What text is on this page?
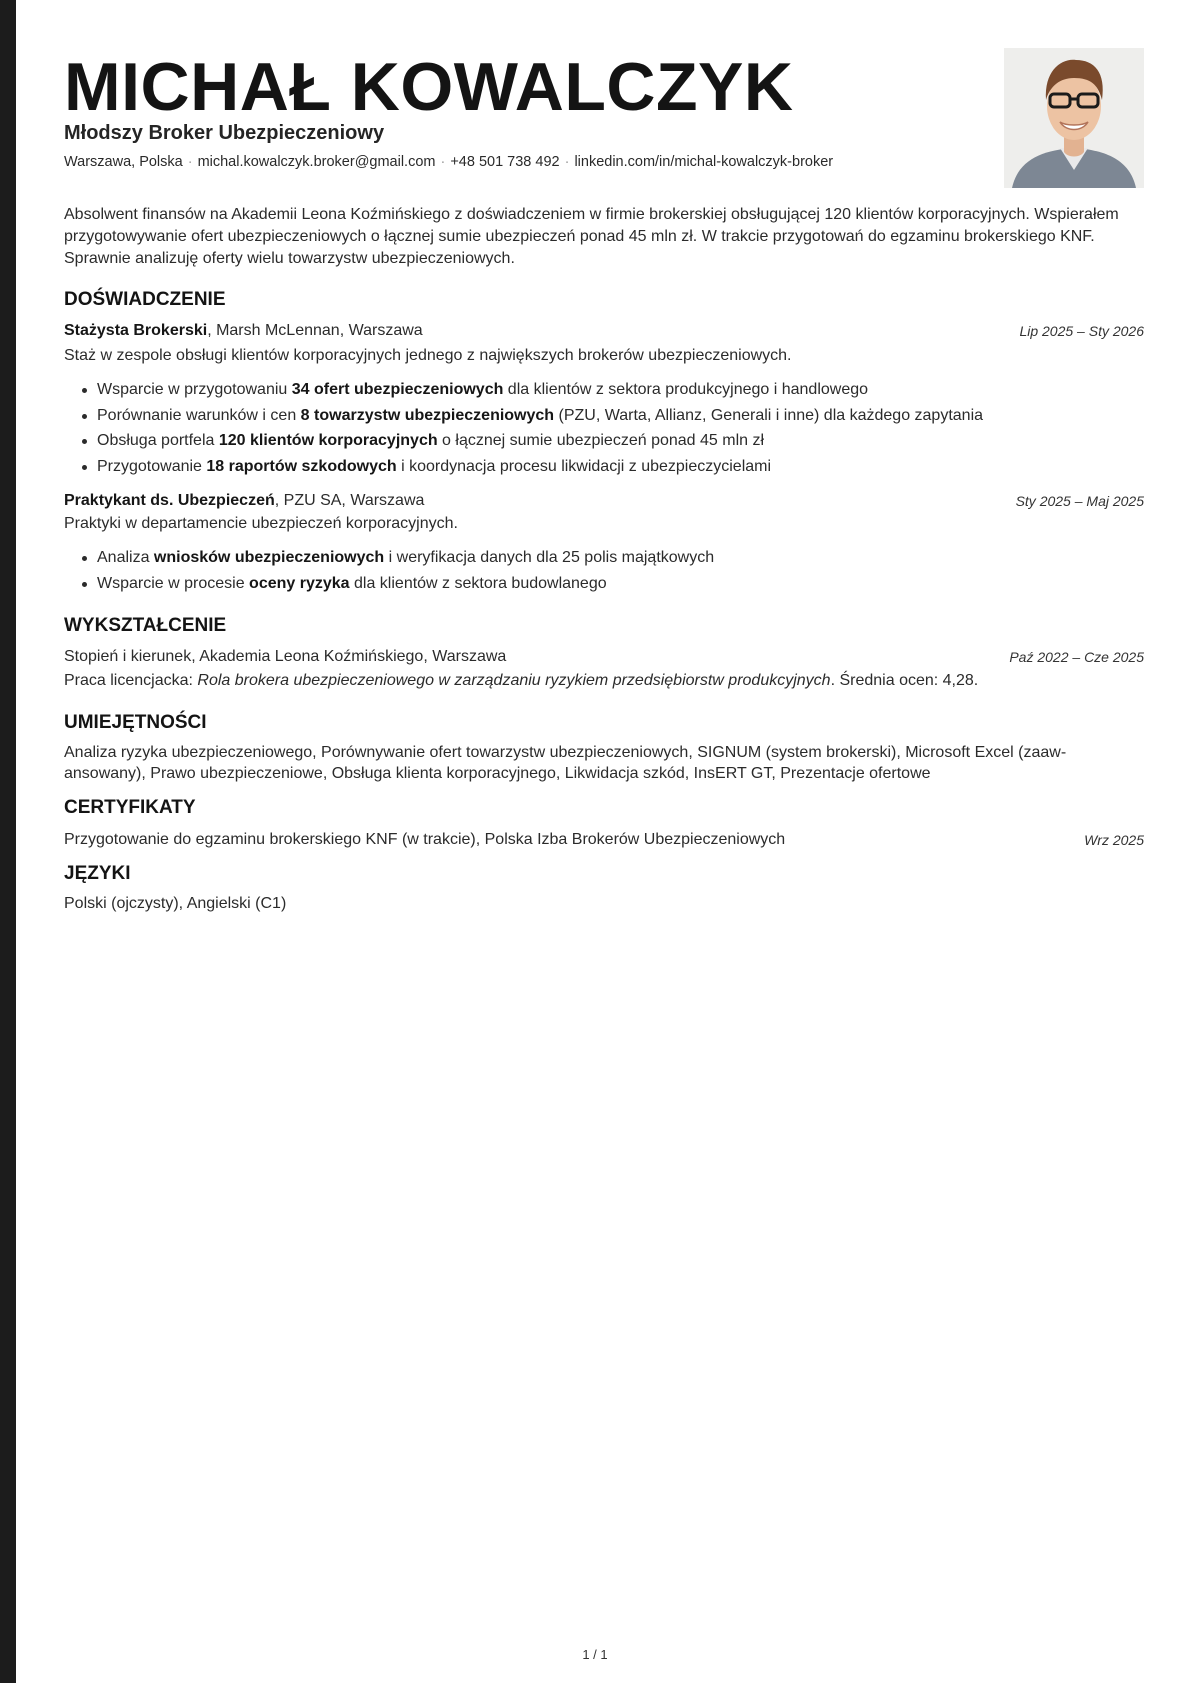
MICHAŁ KOWALCZYK
Młodszy Broker Ubezpieczeniowy
Warszawa, Polska · michal.kowalczyk.broker@gmail.com · +48 501 738 492 · linkedin.com/in/michal-kowalczyk-broker

Absolwent finansów na Akademii Leona Koźmińskiego z doświadczeniem w firmie brokerskiej obsługującej 120 klientów korporacyjnych. Wspierałem przygotowywanie ofert ubezpieczeniowych o łącznej sumie ubezpieczeń ponad 45 mln zł. W trakcie przygotowań do egzaminu brokerskiego KNF. Sprawnie analizuję oferty wielu towarzystw ubezpieczeniowych.

DOŚWIADCZENIE
Stażysta Brokerski, Marsh McLennan, Warszawa	Lip 2025 – Sty 2026
Staż w zespole obsługi klientów korporacyjnych jednego z największych brokerów ubezpieczeniowych.
Wsparcie w przygotowaniu 34 ofert ubezpieczeniowych dla klientów z sektora produkcyjnego i handlowego
Porównanie warunków i cen 8 towarzystw ubezpieczeniowych (PZU, Warta, Allianz, Generali i inne) dla każdego zapytania
Obsługa portfela 120 klientów korporacyjnych o łącznej sumie ubezpieczeń ponad 45 mln zł
Przygotowanie 18 raportów szkodowych i koordynacja procesu likwidacji z ubezpieczycielami
Praktykant ds. Ubezpieczeń, PZU SA, Warszawa	Sty 2025 – Maj 2025
Praktyki w departamencie ubezpieczeń korporacyjnych.
Analiza wniosków ubezpieczeniowych i weryfikacja danych dla 25 polis majątkowych
Wsparcie w procesie oceny ryzyka dla klientów z sektora budowlanego
WYKSZTAŁCENIE
Stopień i kierunek, Akademia Leona Koźmińskiego, Warszawa	Paź 2022 – Cze 2025
Praca licencjacka: Rola brokera ubezpieczeniowego w zarządzaniu ryzykiem przedsiębiorstw produkcyjnych. Średnia ocen: 4,28.
UMIEJĘTNOŚCI
Analiza ryzyka ubezpieczeniowego, Porównywanie ofert towarzystw ubezpieczeniowych, SIGNUM (system brokerski), Microsoft Excel (zaaw-
ansowany), Prawo ubezpieczeniowe, Obsługa klienta korporacyjnego, Likwidacja szkód, InsERT GT, Prezentacje ofertowe
CERTYFIKATY
Przygotowanie do egzaminu brokerskiego KNF (w trakcie), Polska Izba Brokerów Ubezpieczeniowych	Wrz 2025
JĘZYKI
Polski (ojczysty), Angielski (C1)
1 / 1
